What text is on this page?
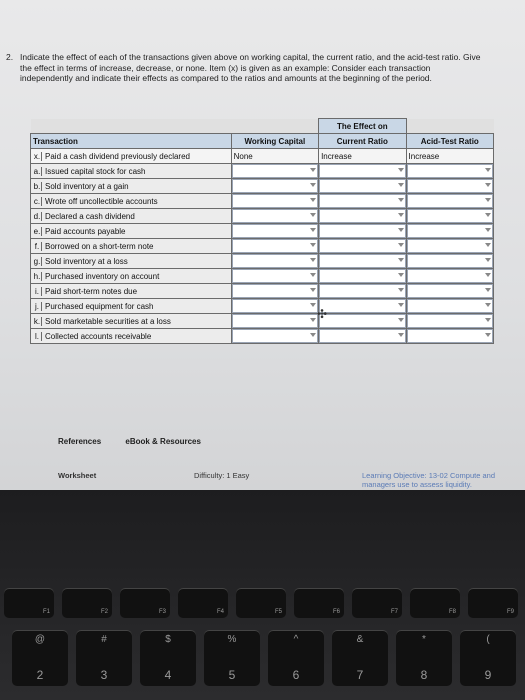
2. Indicate the effect of each of the transactions given above on working capital, the current ratio, and the acid-test ratio. Give the effect in terms of increase, decrease, or none. Item (x) is given as an example: Consider each transaction independently and indicate their effects as compared to the ratios and amounts at the beginning of the period.
		The Effect on	
Transaction	Working Capital	Current Ratio	Acid-Test Ratio
x. Paid a cash dividend previously declared	None	Increase	Increase
a. Issued capital stock for cash	

b. Sold inventory at a gain	

c. Wrote off uncollectible accounts	

d. Declared a cash dividend	

e. Paid accounts payable	

f. Borrowed on a short-term note	

g. Sold inventory at a loss	

h. Purchased inventory on account	

i. Paid short-term notes due	

j. Purchased equipment for cash	

k. Sold marketable securities at a loss	

l. Collected accounts receivable	

✣
References	eBook & Resources
Worksheet	Difficulty: 1 Easy	Learning Objective: 13-02 Compute and managers use to assess liquidity.
F1	F2	F3	F4	F5	F6	F7	F8	F9
@
2
#
3
$
4
%
5
^
6
&
7
*
8
(
9
